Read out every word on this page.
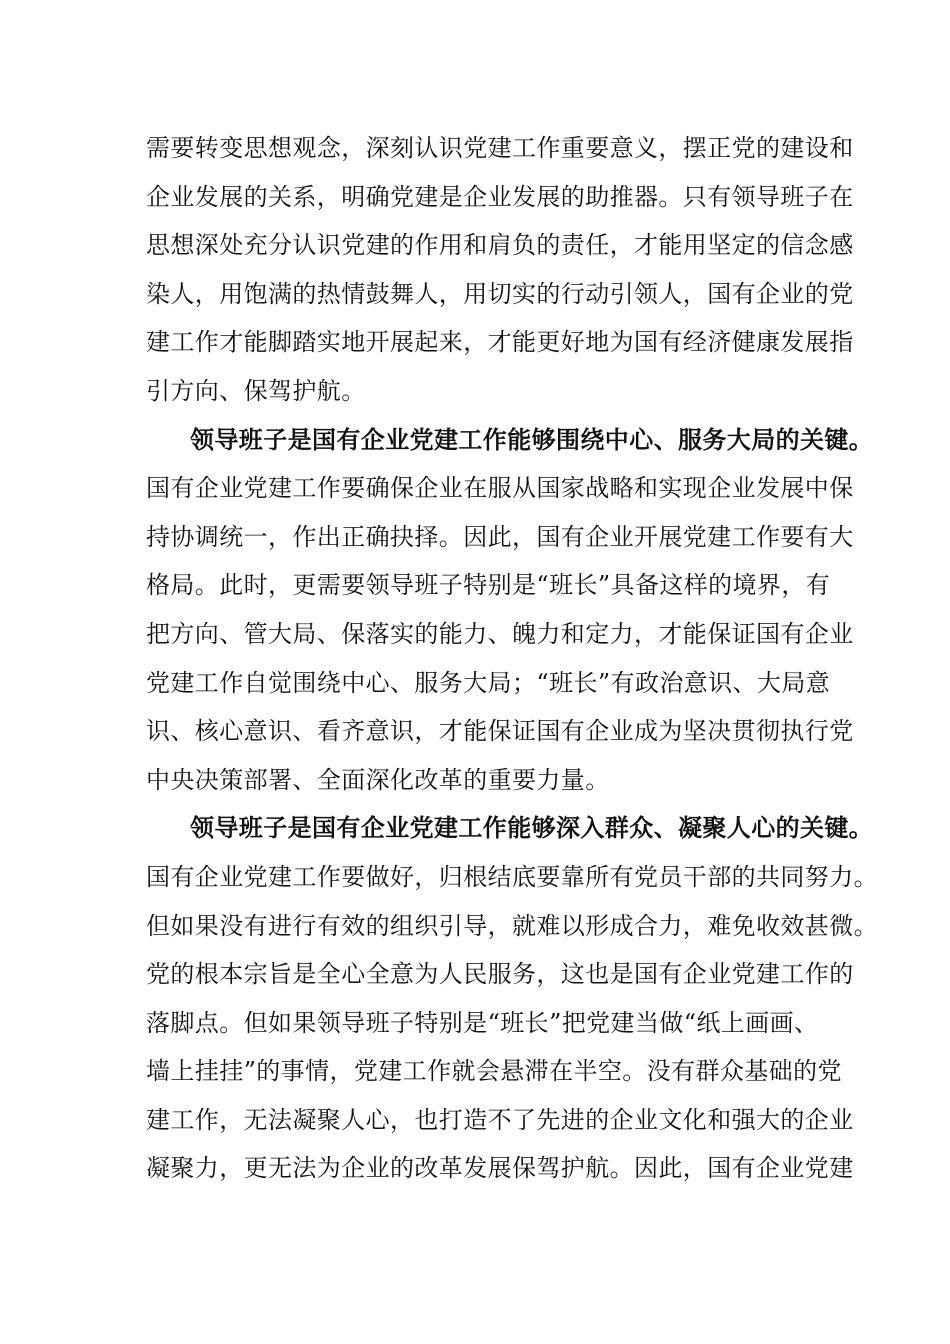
需要转变思想观念，深刻认识党建工作重要意义，摆正党的建设和
企业发展的关系，明确党建是企业发展的助推器。只有领导班子在
思想深处充分认识党建的作用和肩负的责任，才能用坚定的信念感
染人，用饱满的热情鼓舞人，用切实的行动引领人，国有企业的党
建工作才能脚踏实地开展起来，才能更好地为国有经济健康发展指
引方向、保驾护航。
领导班子是国有企业党建工作能够围绕中心、服务大局的关键。
国有企业党建工作要确保企业在服从国家战略和实现企业发展中保
持协调统一，作出正确抉择。因此，国有企业开展党建工作要有大
格局。此时，更需要领导班子特别是“班长”具备这样的境界，有
把方向、管大局、保落实的能力、魄力和定力，才能保证国有企业
党建工作自觉围绕中心、服务大局；“班长”有政治意识、大局意
识、核心意识、看齐意识，才能保证国有企业成为坚决贯彻执行党
中央决策部署、全面深化改革的重要力量。
领导班子是国有企业党建工作能够深入群众、凝聚人心的关键。
国有企业党建工作要做好，归根结底要靠所有党员干部的共同努力。
但如果没有进行有效的组织引导，就难以形成合力，难免收效甚微。
党的根本宗旨是全心全意为人民服务，这也是国有企业党建工作的
落脚点。但如果领导班子特别是“班长”把党建当做“纸上画画、
墙上挂挂”的事情，党建工作就会悬滞在半空。没有群众基础的党
建工作，无法凝聚人心，也打造不了先进的企业文化和强大的企业
凝聚力，更无法为企业的改革发展保驾护航。因此，国有企业党建
